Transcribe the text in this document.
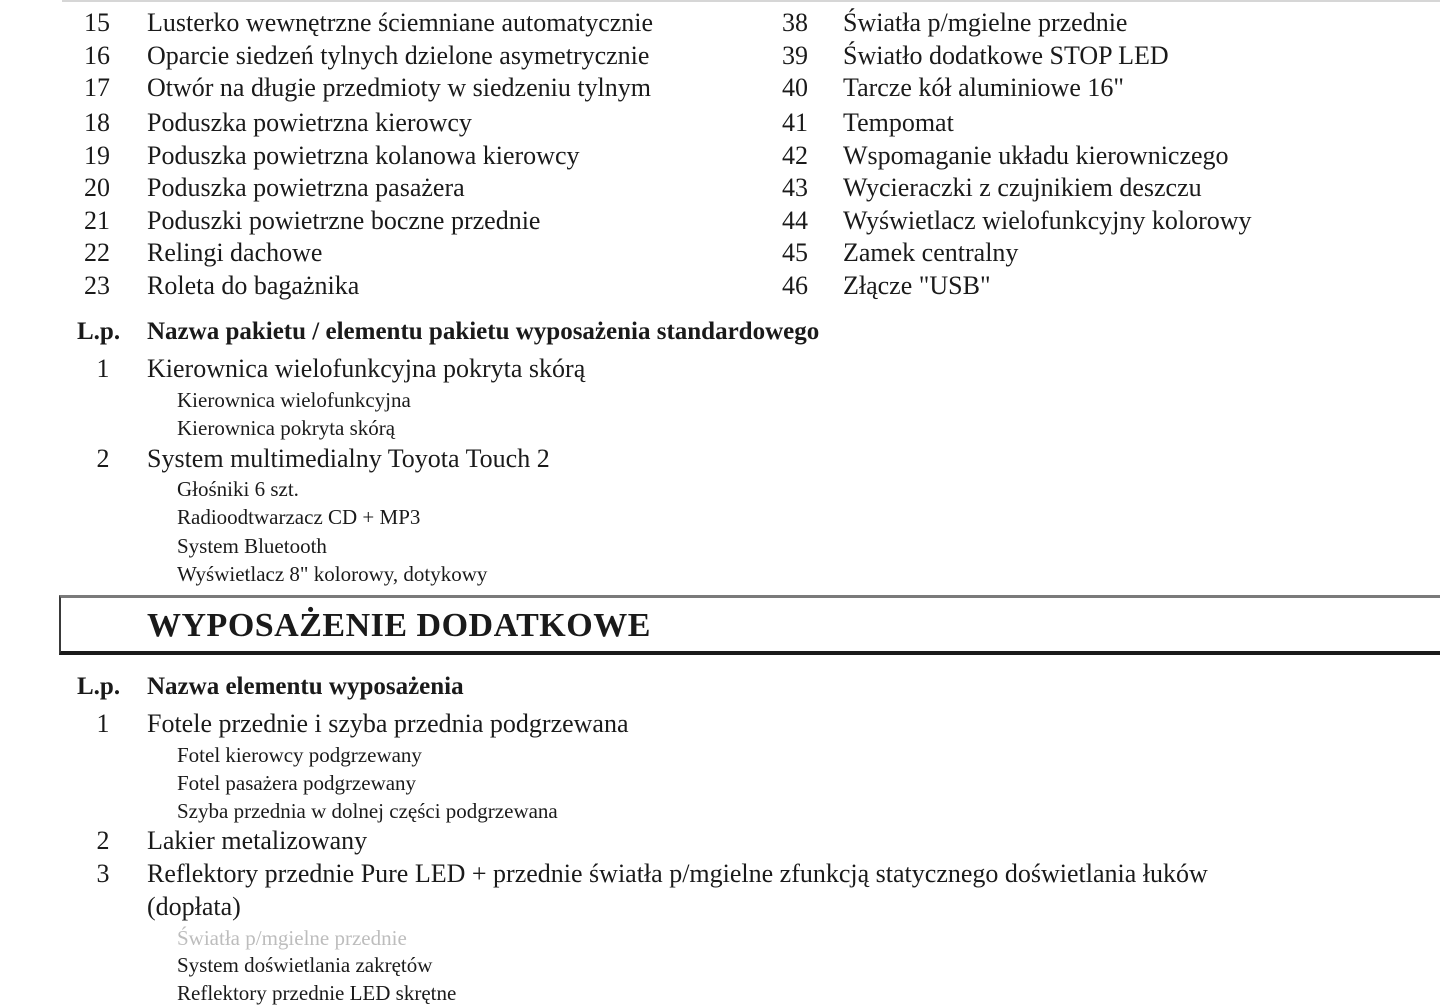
15	Lusterko wewnętrzne ściemniane automatycznie
16	Oparcie siedzeń tylnych dzielone asymetrycznie
17	Otwór na długie przedmioty w siedzeniu tylnym
18	Poduszka powietrzna kierowcy
19	Poduszka powietrzna kolanowa kierowcy
20	Poduszka powietrzna pasażera
21	Poduszki powietrzne boczne przednie
22	Relingi dachowe
23	Roleta do bagażnika
38	Światła p/mgielne przednie
39	Światło dodatkowe STOP LED
40	Tarcze kół aluminiowe 16"
41	Tempomat
42	Wspomaganie układu kierowniczego
43	Wycieraczki z czujnikiem deszczu
44	Wyświetlacz wielofunkcyjny kolorowy
45	Zamek centralny
46	Złącze "USB"
L.p. Nazwa pakietu / elementu pakietu wyposażenia standardowego
1	Kierownica wielofunkcyjna pokryta skórą
Kierownica wielofunkcyjna
Kierownica pokryta skórą
2	System multimedialny Toyota Touch 2
Głośniki 6 szt.
Radioodtwarzacz CD + MP3
System Bluetooth
Wyświetlacz 8" kolorowy, dotykowy
WYPOSAŻENIE DODATKOWE
L.p. Nazwa elementu wyposażenia
1	Fotele przednie i szyba przednia podgrzewana
Fotel kierowcy podgrzewany
Fotel pasażera podgrzewany
Szyba przednia w dolnej części podgrzewana
2	Lakier metalizowany
3	Reflektory przednie Pure LED + przednie światła p/mgielne zfunkcją statycznego doświetlania łuków
(dopłata)
Światła p/mgielne przednie
System doświetlania zakrętów
Reflektory przednie LED skrętne
